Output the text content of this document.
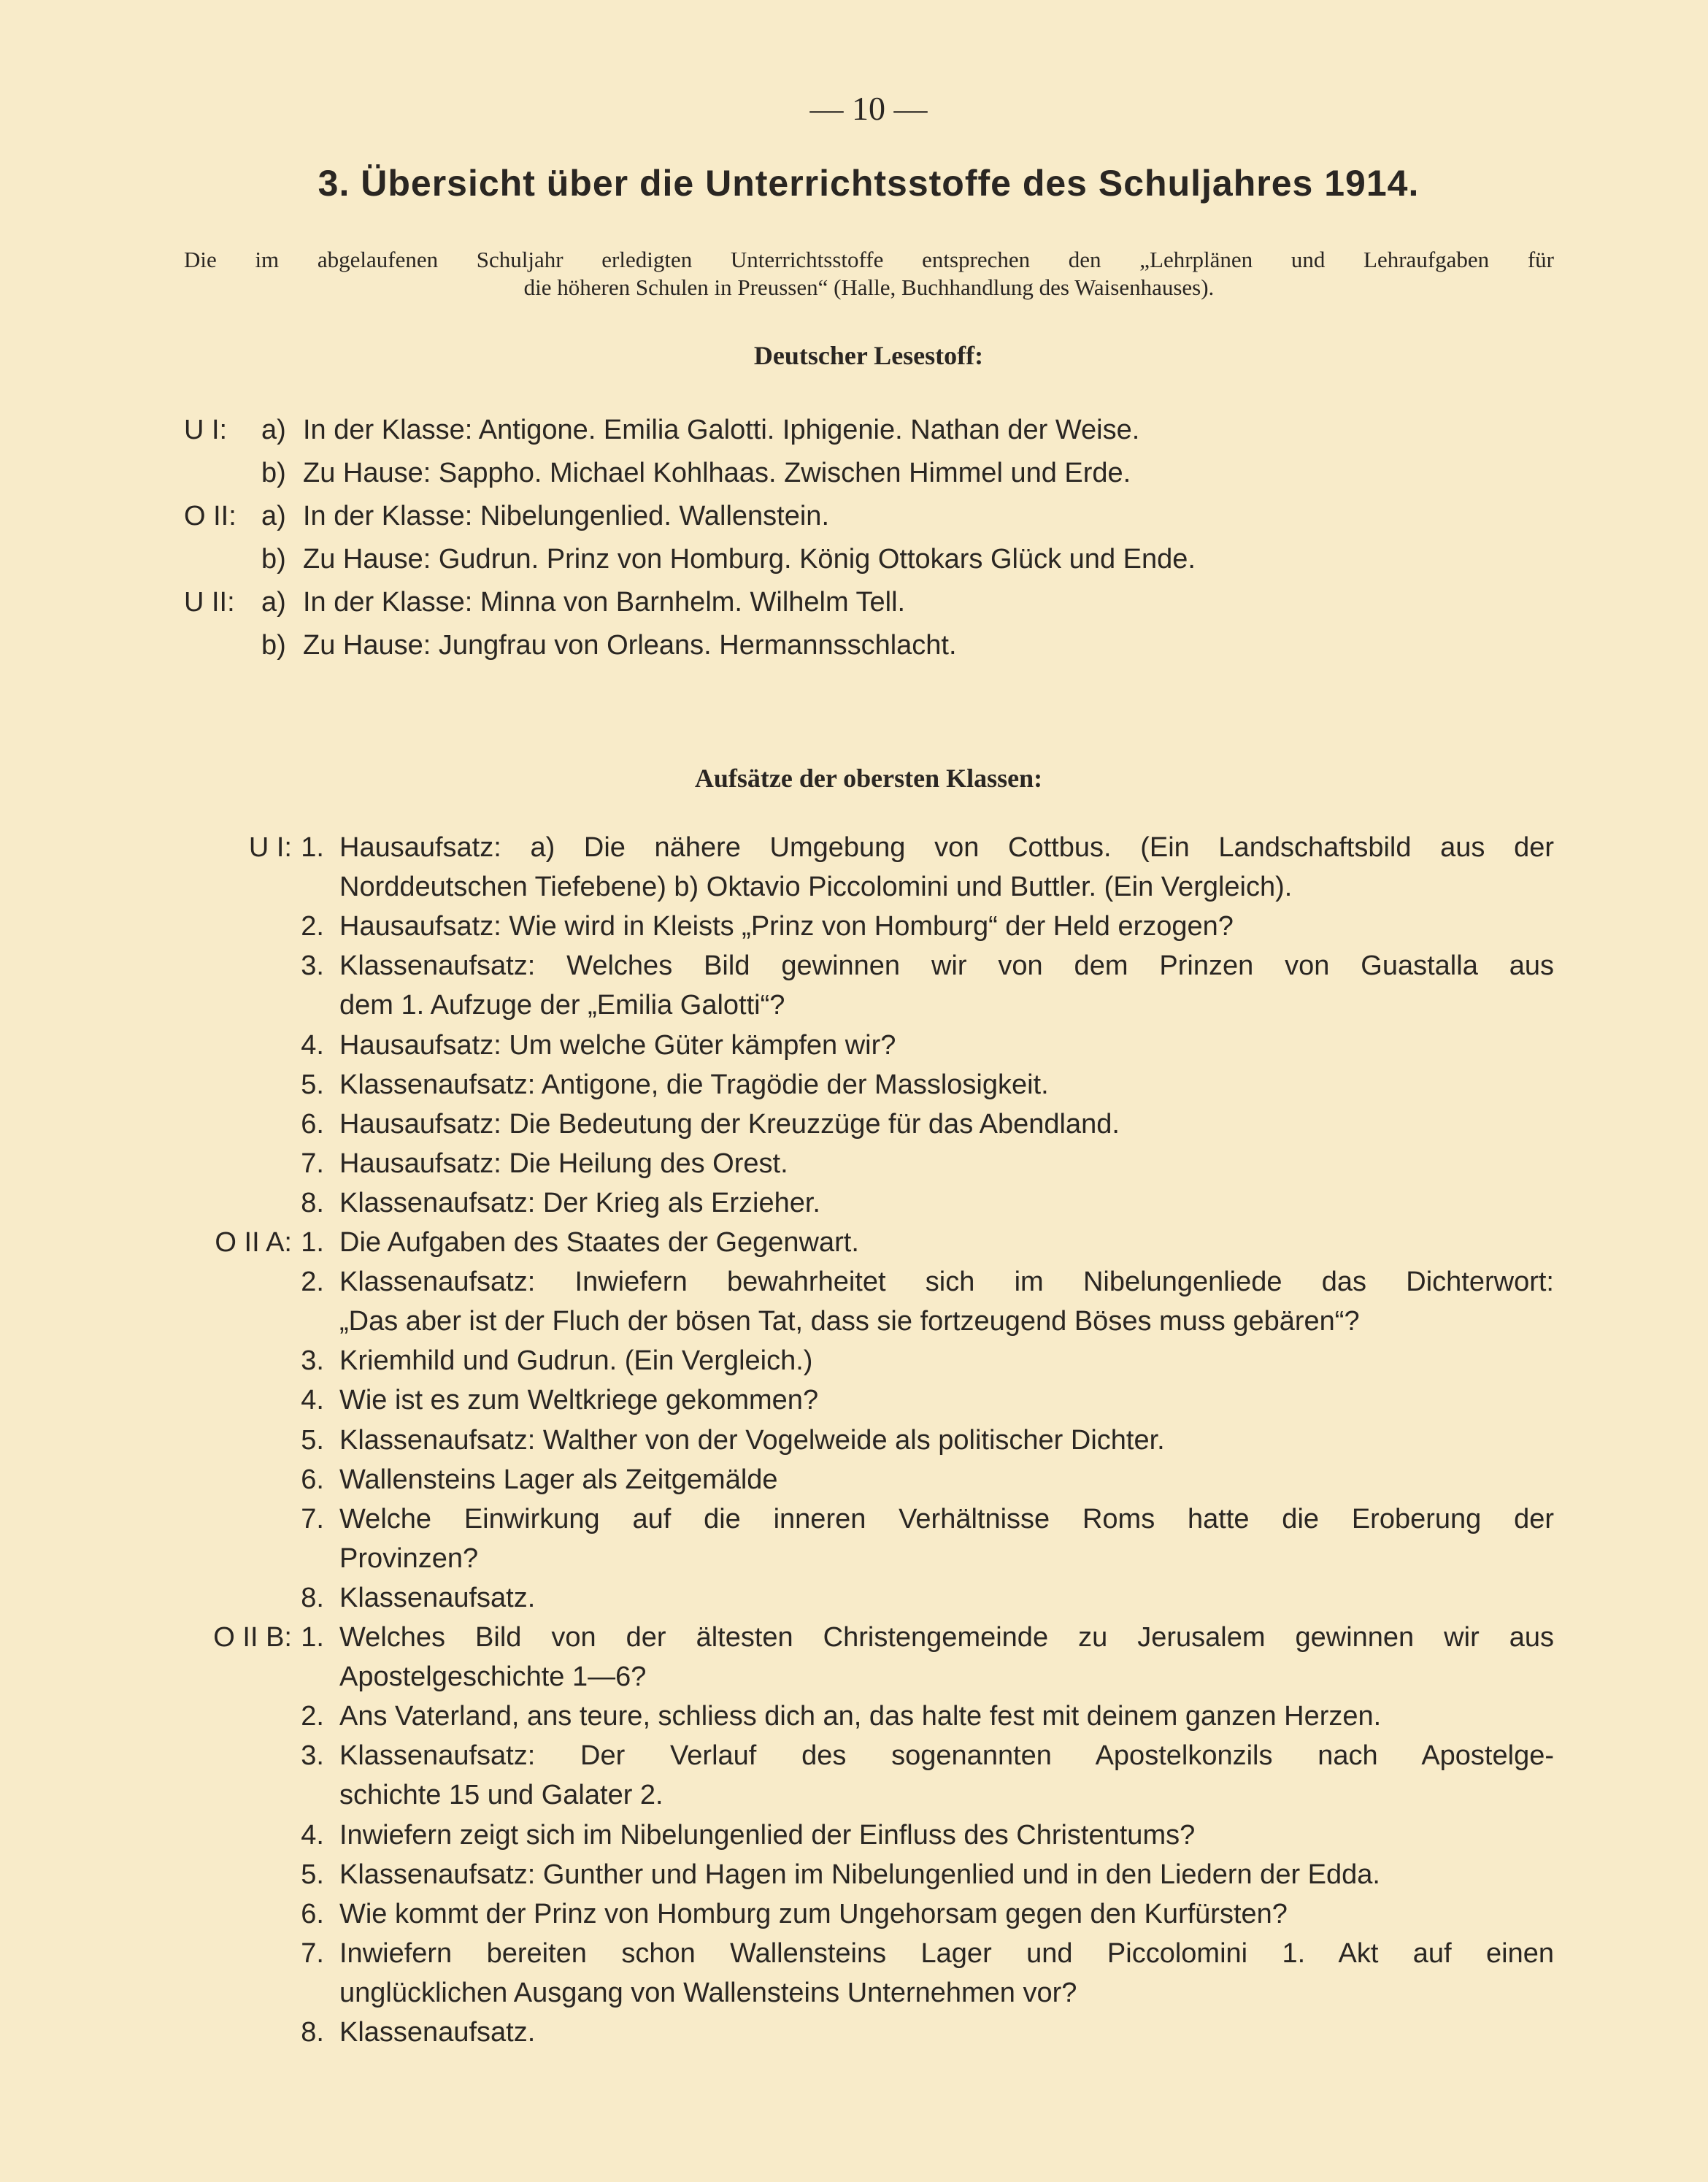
— 10 —
3. Übersicht über die Unterrichtsstoffe des Schuljahres 1914.
Die im abgelaufenen Schuljahr erledigten Unterrichtsstoffe entsprechen den „Lehrplänen und Lehraufgaben für
die höheren Schulen in Preussen“ (Halle, Buchhandlung des Waisenhauses).
Deutscher Lesestoff:
U I: a) In der Klasse: Antigone. Emilia Galotti. Iphigenie. Nathan der Weise.
b) Zu Hause: Sappho. Michael Kohlhaas. Zwischen Himmel und Erde.
O II: a) In der Klasse: Nibelungenlied. Wallenstein.
b) Zu Hause: Gudrun. Prinz von Homburg. König Ottokars Glück und Ende.
U II: a) In der Klasse: Minna von Barnhelm. Wilhelm Tell.
b) Zu Hause: Jungfrau von Orleans. Hermannsschlacht.
Aufsätze der obersten Klassen:
U I: 1. Hausaufsatz: a) Die nähere Umgebung von Cottbus. (Ein Landschaftsbild aus der
Norddeutschen Tiefebene) b) Oktavio Piccolomini und Buttler. (Ein Vergleich).
2. Hausaufsatz: Wie wird in Kleists „Prinz von Homburg“ der Held erzogen?
3. Klassenaufsatz: Welches Bild gewinnen wir von dem Prinzen von Guastalla aus
dem 1. Aufzuge der „Emilia Galotti“?
4. Hausaufsatz: Um welche Güter kämpfen wir?
5. Klassenaufsatz: Antigone, die Tragödie der Masslosigkeit.
6. Hausaufsatz: Die Bedeutung der Kreuzzüge für das Abendland.
7. Hausaufsatz: Die Heilung des Orest.
8. Klassenaufsatz: Der Krieg als Erzieher.
O II A: 1. Die Aufgaben des Staates der Gegenwart.
2. Klassenaufsatz: Inwiefern bewahrheitet sich im Nibelungenliede das Dichterwort:
„Das aber ist der Fluch der bösen Tat, dass sie fortzeugend Böses muss gebären“?
3. Kriemhild und Gudrun. (Ein Vergleich.)
4. Wie ist es zum Weltkriege gekommen?
5. Klassenaufsatz: Walther von der Vogelweide als politischer Dichter.
6. Wallensteins Lager als Zeitgemälde
7. Welche Einwirkung auf die inneren Verhältnisse Roms hatte die Eroberung der
Provinzen?
8. Klassenaufsatz.
O II B: 1. Welches Bild von der ältesten Christengemeinde zu Jerusalem gewinnen wir aus
Apostelgeschichte 1—6?
2. Ans Vaterland, ans teure, schliess dich an, das halte fest mit deinem ganzen Herzen.
3. Klassenaufsatz: Der Verlauf des sogenannten Apostelkonzils nach Apostelge-
schichte 15 und Galater 2.
4. Inwiefern zeigt sich im Nibelungenlied der Einfluss des Christentums?
5. Klassenaufsatz: Gunther und Hagen im Nibelungenlied und in den Liedern der Edda.
6. Wie kommt der Prinz von Homburg zum Ungehorsam gegen den Kurfürsten?
7. Inwiefern bereiten schon Wallensteins Lager und Piccolomini 1. Akt auf einen
unglücklichen Ausgang von Wallensteins Unternehmen vor?
8. Klassenaufsatz.
